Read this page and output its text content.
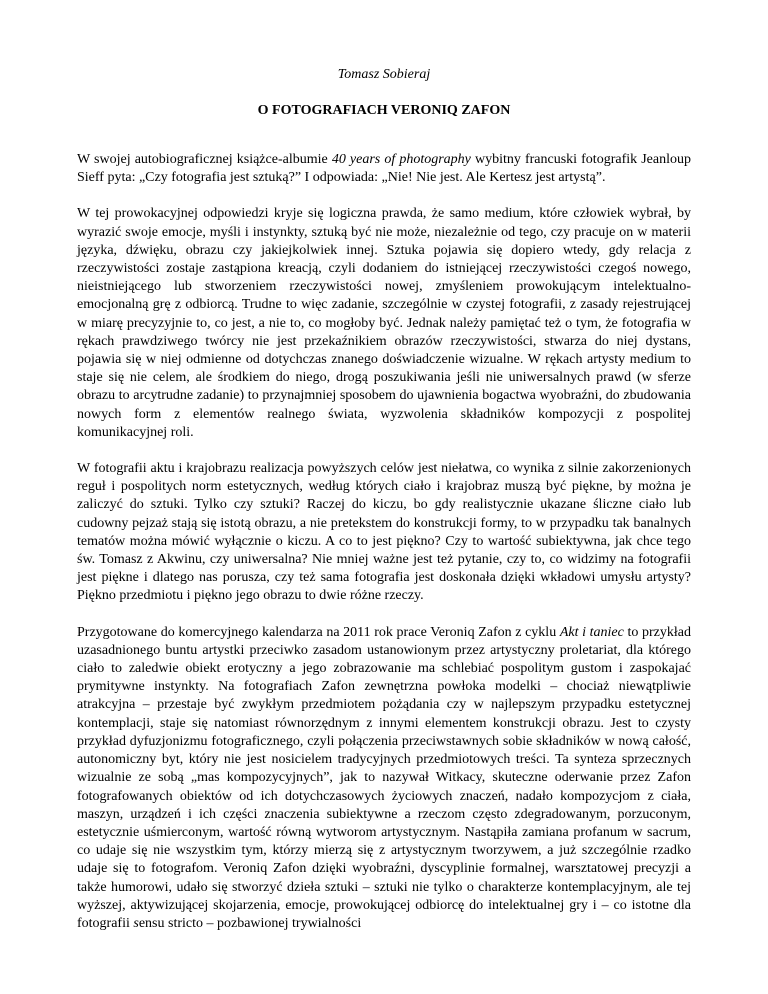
Tomasz Sobieraj

O FOTOGRAFIACH VERONIQ ZAFON

W swojej autobiograficznej książce-albumie 40 years of photography wybitny francuski fotografik Jeanloup Sieff pyta: „Czy fotografia jest sztuką?” I odpowiada: „Nie! Nie jest. Ale Kertesz jest artystą”.

W tej prowokacyjnej odpowiedzi kryje się logiczna prawda, że samo medium, które człowiek wybrał, by wyrazić swoje emocje, myśli i instynkty, sztuką być nie może, niezależnie od tego, czy pracuje on w materii języka, dźwięku, obrazu czy jakiejkolwiek innej. Sztuka pojawia się dopiero wtedy, gdy relacja z rzeczywistości zostaje zastąpiona kreacją, czyli dodaniem do istniejącej rzeczywistości czegoś nowego, nieistniejącego lub stworzeniem rzeczywistości nowej, zmyśleniem prowokującym intelektualno-emocjonalną grę z odbiorcą. Trudne to więc zadanie, szczególnie w czystej fotografii, z zasady rejestrującej w miarę precyzyjnie to, co jest, a nie to, co mogłoby być. Jednak należy pamiętać też o tym, że fotografia w rękach prawdziwego twórcy nie jest przekaźnikiem obrazów rzeczywistości, stwarza do niej dystans, pojawia się w niej odmienne od dotychczas znanego doświadczenie wizualne. W rękach artysty medium to staje się nie celem, ale środkiem do niego, drogą poszukiwania jeśli nie uniwersalnych prawd (w sferze obrazu to arcytrudne zadanie) to przynajmniej sposobem do ujawnienia bogactwa wyobraźni, do zbudowania nowych form z elementów realnego świata, wyzwolenia składników kompozycji z pospolitej komunikacyjnej roli.

W fotografii aktu i krajobrazu realizacja powyższych celów jest niełatwa, co wynika z silnie zakorzenionych reguł i pospolitych norm estetycznych, według których ciało i krajobraz muszą być piękne, by można je zaliczyć do sztuki. Tylko czy sztuki? Raczej do kiczu, bo gdy realistycznie ukazane śliczne ciało lub cudowny pejzaż stają się istotą obrazu, a nie pretekstem do konstrukcji formy, to w przypadku tak banalnych tematów można mówić wyłącznie o kiczu. A co to jest piękno? Czy to wartość subiektywna, jak chce tego św. Tomasz z Akwinu, czy uniwersalna? Nie mniej ważne jest też pytanie, czy to, co widzimy na fotografii jest piękne i dlatego nas porusza, czy też sama fotografia jest doskonała dzięki wkładowi umysłu artysty? Piękno przedmiotu i piękno jego obrazu to dwie różne rzeczy.

Przygotowane do komercyjnego kalendarza na 2011 rok prace Veroniq Zafon z cyklu Akt i taniec to przykład uzasadnionego buntu artystki przeciwko zasadom ustanowionym przez artystyczny proletariat, dla którego ciało to zaledwie obiekt erotyczny a jego zobrazowanie ma schlebiać pospolitym gustom i zaspokajać prymitywne instynkty. Na fotografiach Zafon zewnętrzna powłoka modelki – chociaż niewątpliwie atrakcyjna – przestaje być zwykłym przedmiotem pożądania czy w najlepszym przypadku estetycznej kontemplacji, staje się natomiast równorzędnym z innymi elementem konstrukcji obrazu. Jest to czysty przykład dyfuzjonizmu fotograficznego, czyli połączenia przeciwstawnych sobie składników w nową całość, autonomiczny byt, który nie jest nosicielem tradycyjnych przedmiotowych treści. Ta synteza sprzecznych wizualnie ze sobą „mas kompozycyjnych”, jak to nazywał Witkacy, skuteczne oderwanie przez Zafon fotografowanych obiektów od ich dotychczasowych życiowych znaczeń, nadało kompozycjom z ciała, maszyn, urządzeń i ich części znaczenia subiektywne a rzeczom często zdegradowanym, porzuconym, estetycznie uśmierconym, wartość równą wytworom artystycznym. Nastąpiła zamiana profanum w sacrum, co udaje się nie wszystkim tym, którzy mierzą się z artystycznym tworzywem, a już szczególnie rzadko udaje się to fotografom. Veroniq Zafon dzięki wyobraźni, dyscyplinie formalnej, warsztatowej precyzji a także humorowi, udało się stworzyć dzieła sztuki – sztuki nie tylko o charakterze kontemplacyjnym, ale tej wyższej, aktywizującej skojarzenia, emocje, prowokującej odbiorcę do intelektualnej gry i – co istotne dla fotografii sensu stricto – pozbawionej trywialności
